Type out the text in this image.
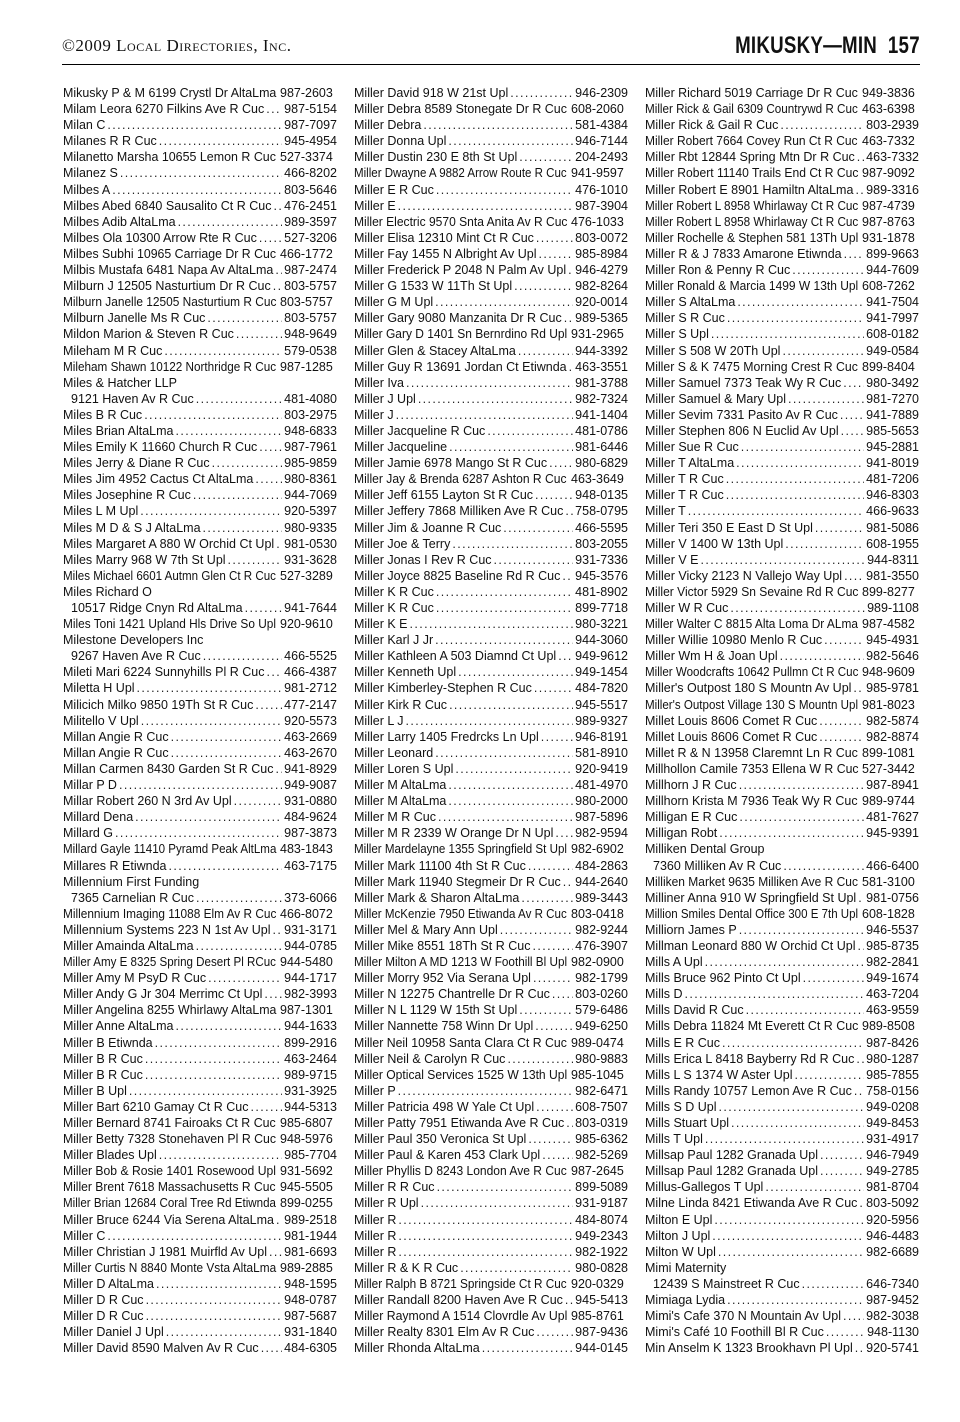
©2009 Local Directories, Inc.	MIKUSKY—MIN 157
Mikusky P & M 6199 Crystl Dr AltaLma 987-2603
Milam Leora 6270 Filkins Ave R Cuc ..... 987-5154
Milan C .....	987-7097
Milanes R R Cuc .....	945-4954
Milanetto Marsha 10655 Lemon R Cuc 527-3374
Milanez S .....	466-8202
Milbes A .....	803-5646
Milbes Abed 6840 Sausalito Ct R Cuc ..... 476-2451
Milbes Adib AltaLma .....	989-3597
Milbes Ola 10300 Arrow Rte R Cuc ..... 527-3206
Milbes Subhi 10965 Carriage Dr R Cuc 466-1772
Milbis Mustafa 6481 Napa Av AltaLma ..... 987-2474
Milburn J 12505 Nasturtium Dr R Cuc ..... 803-5757
Milburn Janelle 12505 Nasturtium R Cuc 803-5757
Milburn Janelle Ms R Cuc .....	803-5757
Mildon Marion & Steven R Cuc .....	948-9649
Mileham M R Cuc .....	579-0538
Mileham Shawn 10122 Northridge R Cuc 987-1285
Miles & Hatcher LLP
9121 Haven Av R Cuc .....	481-4080
Miles B R Cuc .....	803-2975
Miles Brian AltaLma .....	948-6833
Miles Emily K 11660 Church R Cuc ..... 987-7961
Miles Jerry & Diane R Cuc .....	985-9859
Miles Jim 4952 Cactus Ct AltaLma ..... 980-8361
Miles Josephine R Cuc .....	944-7069
Miles L M Upl .....	920-5397
Miles M D & S J AltaLma .....	980-9335
Miles Margaret A 880 W Orchid Ct Upl ..... 981-0530
Miles Marry 968 W 7th St Upl .....	931-3628
Miles Michael 6601 Autmn Glen Ct R Cuc 527-3289
Miles Richard O
10517 Ridge Cnyn Rd AltaLma .....	941-7644
Miles Toni 1421 Upland Hls Drive So Upl 920-9610
Milestone Developers Inc
9267 Haven Ave R Cuc .....	466-5525
Mileti Mari 6224 Sunnyhills Pl R Cuc ..... 466-4387
Miletta H Upl .....	981-2712
Milicich Milko 9850 19Th St R Cuc ..... 477-2147
Militello V Upl .....	920-5573
Millan Angie R Cuc .....	463-2669
Millan Angie R Cuc .....	463-2670
Millan Carmen 8430 Garden St R Cuc ..... 941-8929
Millar P D .....	949-9087
Millar Robert 260 N 3rd Av Upl .....	931-0880
Millard Dena .....	484-9624
Millard G .....	987-3873
Millard Gayle 11410 Pyramd Peak AltLma 483-1843
Millares R Etiwnda .....	463-7175
Millennium First Funding
7365 Carnelian R Cuc .....	373-6066
Millennium Imaging 11088 Elm Av R Cuc 466-8072
Millennium Systems 223 N 1st Av Upl ..... 931-3171
Miller Amainda AltaLma .....	944-0785
Miller Amy E 8325 Spring Desert Pl RCuc 944-5480
Miller Amy M PsyD R Cuc .....	944-1717
Miller Andy G Jr 304 Merrimc Ct Upl ..... 982-3993
Miller Angelina 8255 Whirlawy AltaLma 987-1301
Miller Anne AltaLma .....	944-1633
Miller B Etiwnda .....	899-2916
Miller B R Cuc .....	463-2464
Miller B R Cuc .....	989-9715
Miller B Upl .....	931-3925
Miller Bart 6210 Gamay Ct R Cuc .....	944-5313
Miller Bernard 8741 Fairoaks Ct R Cuc 985-6807
Miller Betty 7328 Stonehaven Pl R Cuc 948-5976
Miller Blades Upl .....	985-7704
Miller Bob & Rosie 1401 Rosewood Upl 931-5692
Miller Brent 7618 Massachusetts R Cuc 945-5505
Miller Brian 12684 Coral Tree Rd Etiwnda 899-0255
Miller Bruce 6244 Via Serena AltaLma ..... 989-2518
Miller C .....	981-1944
Miller Christian J 1981 Muirfld Av Upl ..... 981-6693
Miller Curtis N 8840 Monte Vsta AltaLma 989-2885
Miller D AltaLma .....	948-1595
Miller D R Cuc .....	948-0787
Miller D R Cuc .....	987-5687
Miller Daniel J Upl .....	931-1840
Miller David 8590 Malven Av R Cuc ..... 484-6305
Miller David 918 W 21st Upl .....	946-2309
Miller Debra 8589 Stonegate Dr R Cuc 608-2060
Miller Debra .....	581-4384
Miller Donna Upl .....	946-7144
Miller Dustin 230 E 8th St Upl .....	204-2493
Miller Dwayne A 9882 Arrow Route R Cuc 941-9597
Miller E R Cuc .....	476-1010
Miller E .....	987-3904
Miller Electric 9570 Snta Anita Av R Cuc 476-1033
Miller Elisa 12310 Mint Ct R Cuc .....	803-0072
Miller Fay 1455 N Albright Av Upl .....	985-8984
Miller Frederick P 2048 N Palm Av Upl ..... 946-4279
Miller G 1533 W 11Th St Upl .....	982-8264
Miller G M Upl .....	920-0014
Miller Gary 9080 Manzanita Dr R Cuc ..... 989-5365
Miller Gary D 1401 Sn Bernrdino Rd Upl 931-2965
Miller Glen & Stacey AltaLma .....	944-3392
Miller Guy R 13691 Jordan Ct Etiwnda ..... 463-3551
Miller Iva .....	981-3788
Miller J Upl .....	982-7324
Miller J .....	941-1404
Miller Jacqueline R Cuc .....	481-0786
Miller Jacqueline .....	981-6446
Miller Jamie 6978 Mango St R Cuc ..... 980-6829
Miller Jay & Brenda 6287 Ashton R Cuc 463-3649
Miller Jeff 6155 Layton St R Cuc .....	948-0135
Miller Jeffery 7868 Milliken Ave R Cuc ..... 758-0795
Miller Jim & Joanne R Cuc .....	466-5595
Miller Joe & Terry .....	803-2055
Miller Jonas I Rev R Cuc .....	931-7336
Miller Joyce 8825 Baseline Rd R Cuc ..... 945-3576
Miller K R Cuc .....	481-8902
Miller K R Cuc .....	899-7718
Miller K E .....	980-3221
Miller Karl J Jr .....	944-3060
Miller Kathleen A 503 Diamnd Ct Upl ..... 949-9612
Miller Kenneth Upl .....	949-1454
Miller Kimberley-Stephen R Cuc .....	484-7820
Miller Kirk R Cuc .....	945-5517
Miller L J .....	989-9327
Miller Larry 1405 Fredrcks Ln Upl .....	946-8191
Miller Leonard .....	581-8910
Miller Loren S Upl .....	920-9419
Miller M AltaLma .....	481-4970
Miller M AltaLma .....	980-2000
Miller M R Cuc .....	987-5896
Miller M R 2339 W Orange Dr N Upl ..... 982-9594
Miller Mardelayne 1355 Springfield St Upl 982-6902
Miller Mark 11100 4th St R Cuc .....	484-2863
Miller Mark 11940 Stegmeir Dr R Cuc ..... 944-2640
Miller Mark & Sharon AltaLma .....	989-3443
Miller McKenzie 7950 Etiwanda Av R Cuc 803-0418
Miller Mel & Mary Ann Upl .....	982-9244
Miller Mike 8551 18Th St R Cuc .....	476-3907
Miller Milton A MD 1213 W Foothill Bl Upl 982-0900
Miller Morry 952 Via Serana Upl .....	982-1799
Miller N 12275 Chantrelle Dr R Cuc ..... 803-0260
Miller N L 1129 W 15th St Upl .....	579-6486
Miller Nannette 758 Winn Dr Upl .....	949-6250
Miller Neil 10958 Santa Clara Ct R Cuc 989-0474
Miller Neil & Carolyn R Cuc .....	980-9883
Miller Optical Services 1525 W 13th Upl 985-1045
Miller P .....	982-6471
Miller Patricia 498 W Yale Ct Upl .....	608-7507
Miller Patty 7951 Etiwanda Ave R Cuc ..... 803-0319
Miller Paul 350 Veronica St Upl .....	985-6362
Miller Paul & Karen 453 Clark Upl .....	982-5269
Miller Phyllis D 8243 London Ave R Cuc 987-2645
Miller R R Cuc .....	899-5089
Miller R Upl .....	931-9187
Miller R .....	484-8074
Miller R .....	949-2343
Miller R .....	982-1922
Miller R & K R Cuc .....	980-0828
Miller Ralph B 8721 Springside Ct R Cuc 920-0329
Miller Randall 8200 Haven Ave R Cuc ..... 945-5413
Miller Raymond A 1514 Clovrdle Av Upl 985-8761
Miller Realty 8301 Elm Av R Cuc .....	987-9436
Miller Rhonda AltaLma .....	944-0145
Miller Richard 5019 Carriage Dr R Cuc 949-3836
Miller Rick & Gail 6309 Countrywd R Cuc 463-6398
Miller Rick & Gail R Cuc .....	803-2939
Miller Robert 7664 Covey Run Ct R Cuc 463-7332
Miller Rbt 12844 Spring Mtn Dr R Cuc ..... 463-7332
Miller Robert 11140 Trails End Ct R Cuc 987-9092
Miller Robert E 8901 Hamiltn AltaLma ..... 989-3316
Miller Robert L 8958 Whirlaway Ct R Cuc 987-4739
Miller Robert L 8958 Whirlaway Ct R Cuc 987-8763
Miller Rochelle & Stephen 581 13Th Upl 931-1878
Miller R & J 7833 Amarone Etiwnda ..... 899-9663
Miller Ron & Penny R Cuc .....	944-7609
Miller Ronald & Marcia 1499 W 13th Upl 608-7262
Miller S AltaLma .....	941-7504
Miller S R Cuc .....	941-7997
Miller S Upl .....	608-0182
Miller S 508 W 20Th Upl .....	949-0584
Miller S & K 7475 Morning Crest R Cuc 899-8404
Miller Samuel 7373 Teak Wy R Cuc ..... 980-3492
Miller Samuel & Mary Upl .....	981-7270
Miller Sevim 7331 Pasito Av R Cuc ..... 941-7889
Miller Stephen 806 N Euclid Av Upl ..... 985-5653
Miller Sue R Cuc .....	945-2881
Miller T AltaLma .....	941-8019
Miller T R Cuc .....	481-7206
Miller T R Cuc .....	946-8303
Miller T .....	466-9633
Miller Teri 350 E East D St Upl .....	981-5086
Miller V 1400 W 13th Upl .....	608-1955
Miller V E .....	944-8311
Miller Vicky 2123 N Vallejo Way Upl ..... 981-3550
Miller Victor 5929 Sn Sevaine Rd R Cuc 899-8277
Miller W R Cuc .....	989-1108
Miller Walter C 8815 Alta Loma Dr ALma 987-4582
Miller Willie 10980 Menlo R Cuc .....	945-4931
Miller Wm H & Joan Upl .....	982-5646
Miller Woodcrafts 10642 Pullmn Ct R Cuc 948-9609
Miller's Outpost 180 S Mountn Av Upl ..... 985-9781
Miller's Outpost Village 130 S Mountn Upl 981-8023
Millet Louis 8606 Comet R Cuc .....	982-5874
Millet Louis 8606 Comet R Cuc .....	982-8874
Millet R & N 13958 Claremnt Ln R Cuc 899-1081
Millhollon Camile 7353 Ellena W R Cuc 527-3442
Millhorn J R Cuc .....	987-8941
Millhorn Krista M 7936 Teak Wy R Cuc 989-9744
Milligan E R Cuc .....	481-7627
Milligan Robt .....	945-9391
Milliken Dental Group
7360 Milliken Av R Cuc .....	466-6400
Milliken Market 9635 Milliken Ave R Cuc 581-3100
Milliner Anna 910 W Springfield St Upl ..... 981-0756
Million Smiles Dental Office 300 E 7th Upl 608-1828
Milliorn James P .....	946-5537
Millman Leonard 880 W Orchid Ct Upl ..... 985-8735
Mills A Upl .....	982-2841
Mills Bruce 962 Pinto Ct Upl .....	949-1674
Mills D .....	463-7204
Mills David R Cuc .....	463-9559
Mills Debra 11824 Mt Everett Ct R Cuc 989-8508
Mills E R Cuc .....	987-8426
Mills Erica L 8418 Bayberry Rd R Cuc ..... 980-1287
Mills L S 1374 W Aster Upl .....	985-7855
Mills Randy 10757 Lemon Ave R Cuc ..... 758-0156
Mills S D Upl .....	949-0208
Mills Stuart Upl .....	949-8453
Mills T Upl .....	931-4917
Millsap Paul 1282 Granada Upl .....	946-7949
Millsap Paul 1282 Granada Upl .....	949-2785
Millus-Gallegos T Upl .....	981-8704
Milne Linda 8421 Etiwanda Ave R Cuc ..... 803-5092
Milton E Upl .....	920-5956
Milton J Upl .....	946-4483
Milton W Upl .....	982-6689
Mimi Maternity
12439 S Mainstreet R Cuc .....	646-7340
Mimiaga Lydia .....	987-9452
Mimi's Cafe 370 N Mountain Av Upl ..... 982-3038
Mimi's Café 10 Foothill Bl R Cuc .....	948-1130
Min Anselm K 1323 Brookhavn Pl Upl ..... 920-5741
